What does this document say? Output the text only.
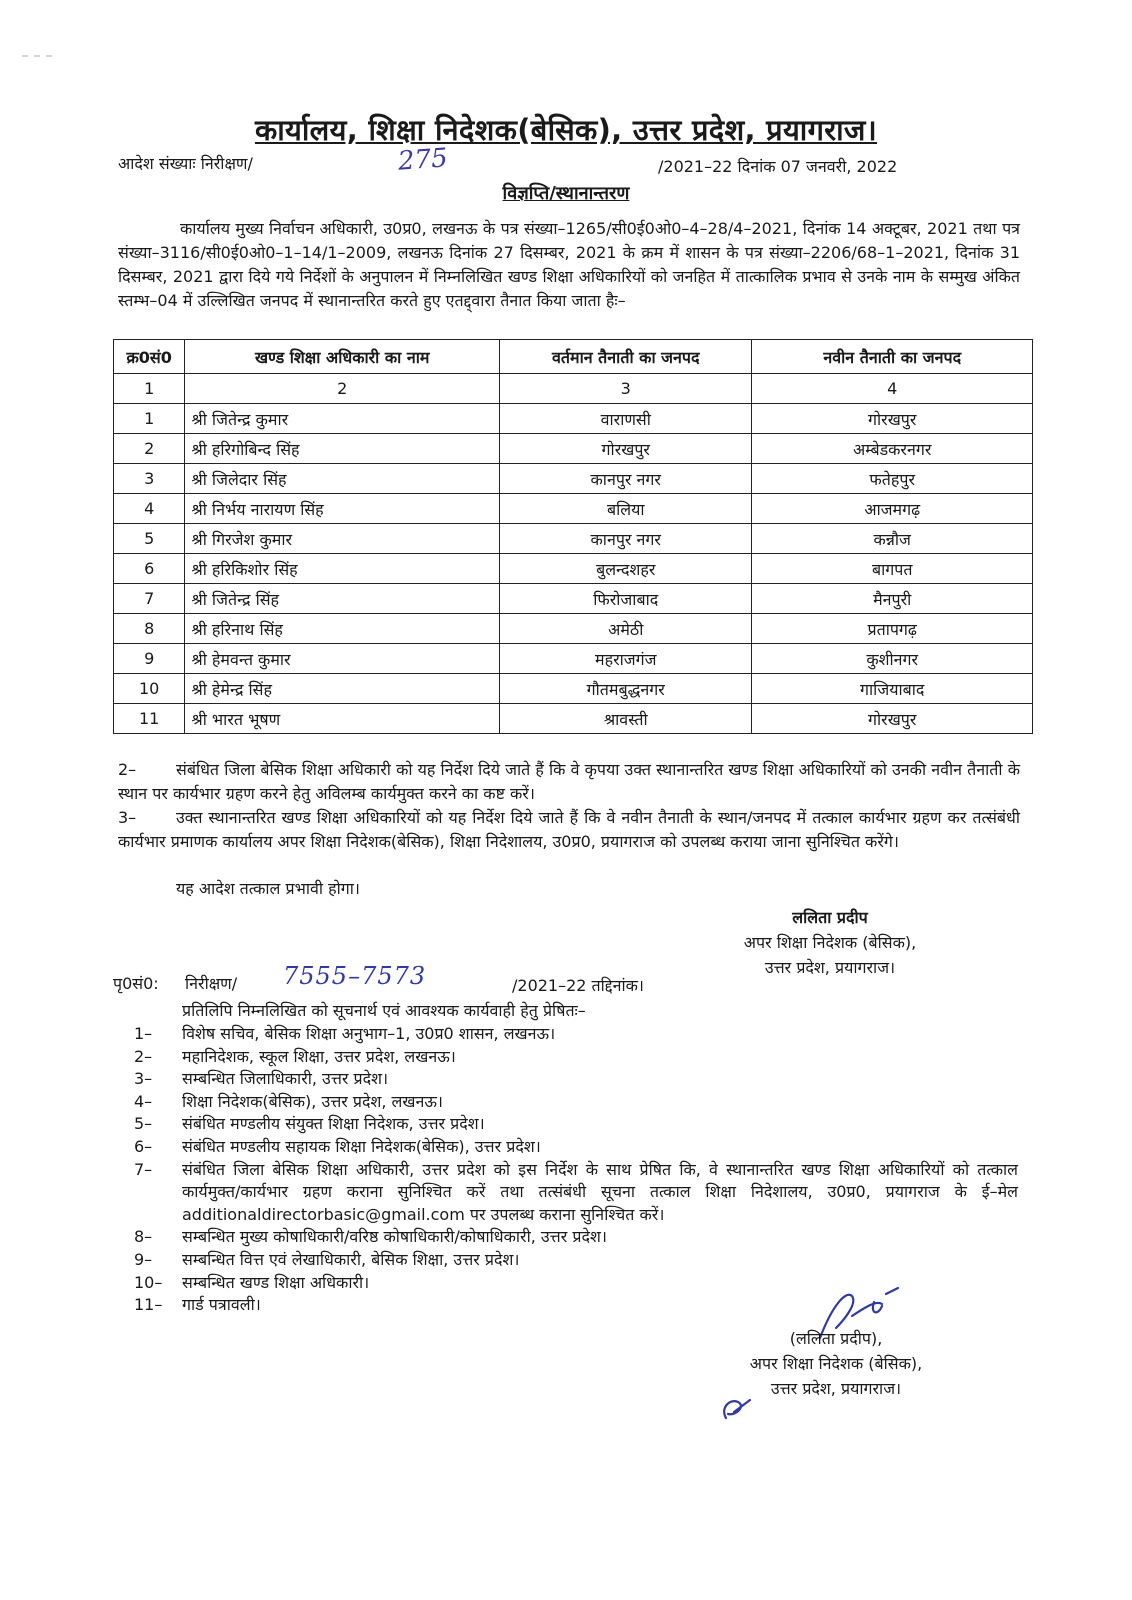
कार्यालय, शिक्षा निदेशक(बेसिक), उत्तर प्रदेश, प्रयागराज।
आदेश संख्याः निरीक्षण/	275	/2021–22 दिनांक 07 जनवरी, 2022
विज्ञप्ति/स्थानान्तरण
कार्यालय मुख्य निर्वाचन अधिकारी, उ0प्र0, लखनऊ के पत्र संख्या–1265/सी0ई0ओ0–4–28/4–2021, दिनांक 14 अक्टूबर, 2021 तथा पत्र संख्या–3116/सी0ई0ओ0–1–14/1–2009, लखनऊ दिनांक 27 दिसम्बर, 2021 के क्रम में शासन के पत्र संख्या–2206/68–1–2021, दिनांक 31 दिसम्बर, 2021 द्वारा दिये गये निर्देशों के अनुपालन में निम्नलिखित खण्ड शिक्षा अधिकारियों को जनहित में तात्कालिक प्रभाव से उनके नाम के सम्मुख अंकित स्तम्भ–04 में उल्लिखित जनपद में स्थानान्तरित करते हुए एतद्द्वारा तैनात किया जाता हैः–
क्र0सं0	खण्ड शिक्षा अधिकारी का नाम	वर्तमान तैनाती का जनपद	नवीन तैनाती का जनपद
1	2	3	4
1	श्री जितेन्द्र कुमार	वाराणसी	गोरखपुर
2	श्री हरिगोबिन्द सिंह	गोरखपुर	अम्बेडकरनगर
3	श्री जिलेदार सिंह	कानपुर नगर	फतेहपुर
4	श्री निर्भय नारायण सिंह	बलिया	आजमगढ़
5	श्री गिरजेश कुमार	कानपुर नगर	कन्नौज
6	श्री हरिकिशोर सिंह	बुलन्दशहर	बागपत
7	श्री जितेन्द्र सिंह	फिरोजाबाद	मैनपुरी
8	श्री हरिनाथ सिंह	अमेठी	प्रतापगढ़
9	श्री हेमवन्त कुमार	महराजगंज	कुशीनगर
10	श्री हेमेन्द्र सिंह	गौतमबुद्धनगर	गाजियाबाद
11	श्री भारत भूषण	श्रावस्ती	गोरखपुर
2– संबंधित जिला बेसिक शिक्षा अधिकारी को यह निर्देश दिये जाते हैं कि वे कृपया उक्त स्थानान्तरित खण्ड शिक्षा अधिकारियों को उनकी नवीन तैनाती के स्थान पर कार्यभार ग्रहण करने हेतु अविलम्ब कार्यमुक्त करने का कष्ट करें।
3– उक्त स्थानान्तरित खण्ड शिक्षा अधिकारियों को यह निर्देश दिये जाते हैं कि वे नवीन तैनाती के स्थान/जनपद में तत्काल कार्यभार ग्रहण कर तत्संबंधी कार्यभार प्रमाणक कार्यालय अपर शिक्षा निदेशक(बेसिक), शिक्षा निदेशालय, उ0प्र0, प्रयागराज को उपलब्ध कराया जाना सुनिश्चित करेंगे।
यह आदेश तत्काल प्रभावी होगा।
ललिता प्रदीप
अपर शिक्षा निदेशक (बेसिक),
उत्तर प्रदेश, प्रयागराज।
पृ0सं0: निरीक्षण/ 7555–7573	/2021–22 तद्दिनांक।
प्रतिलिपि निम्नलिखित को सूचनार्थ एवं आवश्यक कार्यवाही हेतु प्रेषितः–
1–	विशेष सचिव, बेसिक शिक्षा अनुभाग–1, उ0प्र0 शासन, लखनऊ।
2–	महानिदेशक, स्कूल शिक्षा, उत्तर प्रदेश, लखनऊ।
3–	सम्बन्धित जिलाधिकारी, उत्तर प्रदेश।
4–	शिक्षा निदेशक(बेसिक), उत्तर प्रदेश, लखनऊ।
5–	संबंधित मण्डलीय संयुक्त शिक्षा निदेशक, उत्तर प्रदेश।
6–	संबंधित मण्डलीय सहायक शिक्षा निदेशक(बेसिक), उत्तर प्रदेश।
7–	संबंधित जिला बेसिक शिक्षा अधिकारी, उत्तर प्रदेश को इस निर्देश के साथ प्रेषित कि, वे स्थानान्तरित खण्ड शिक्षा अधिकारियों को तत्काल कार्यमुक्त/कार्यभार ग्रहण कराना सुनिश्चित करें तथा तत्संबंधी सूचना तत्काल शिक्षा निदेशालय, उ0प्र0, प्रयागराज के ई–मेल additionaldirectorbasic@gmail.com पर उपलब्ध कराना सुनिश्चित करें।
8–	सम्बन्धित मुख्य कोषाधिकारी/वरिष्ठ कोषाधिकारी/कोषाधिकारी, उत्तर प्रदेश।
9–	सम्बन्धित वित्त एवं लेखाधिकारी, बेसिक शिक्षा, उत्तर प्रदेश।
10–	सम्बन्धित खण्ड शिक्षा अधिकारी।
11–	गार्ड पत्रावली।
(ललिता प्रदीप),
अपर शिक्षा निदेशक (बेसिक),
उत्तर प्रदेश, प्रयागराज।
